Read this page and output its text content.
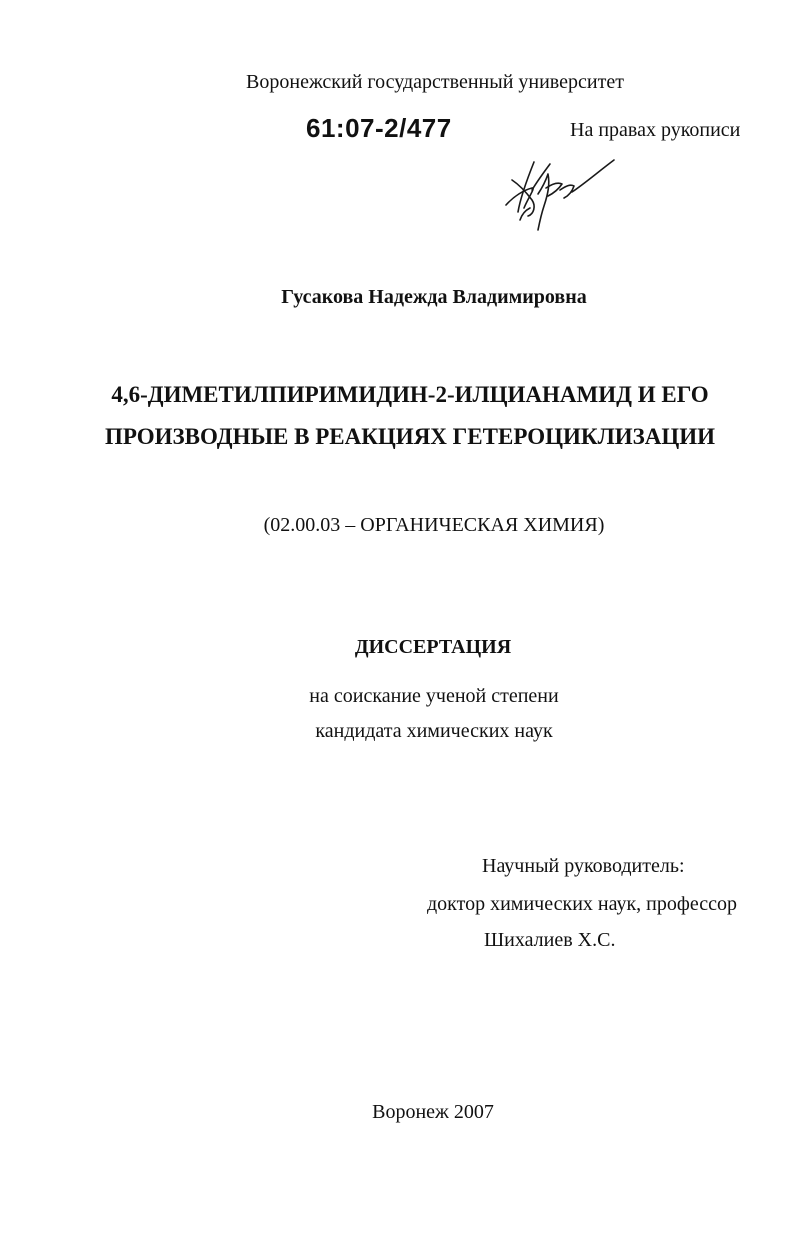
Воронежский государственный университет
61:07-2/477	На правах рукописи
Гусакова Надежда Владимировна
4,6-ДИМЕТИЛПИРИМИДИН-2-ИЛЦИАНАМИД И ЕГО
ПРОИЗВОДНЫЕ В РЕАКЦИЯХ ГЕТЕРОЦИКЛИЗАЦИИ
(02.00.03 – ОРГАНИЧЕСКАЯ ХИМИЯ)
ДИССЕРТАЦИЯ
на соискание ученой степени
кандидата химических наук
Научный руководитель:
доктор химических наук, профессор
Шихалиев Х.С.
Воронеж 2007
